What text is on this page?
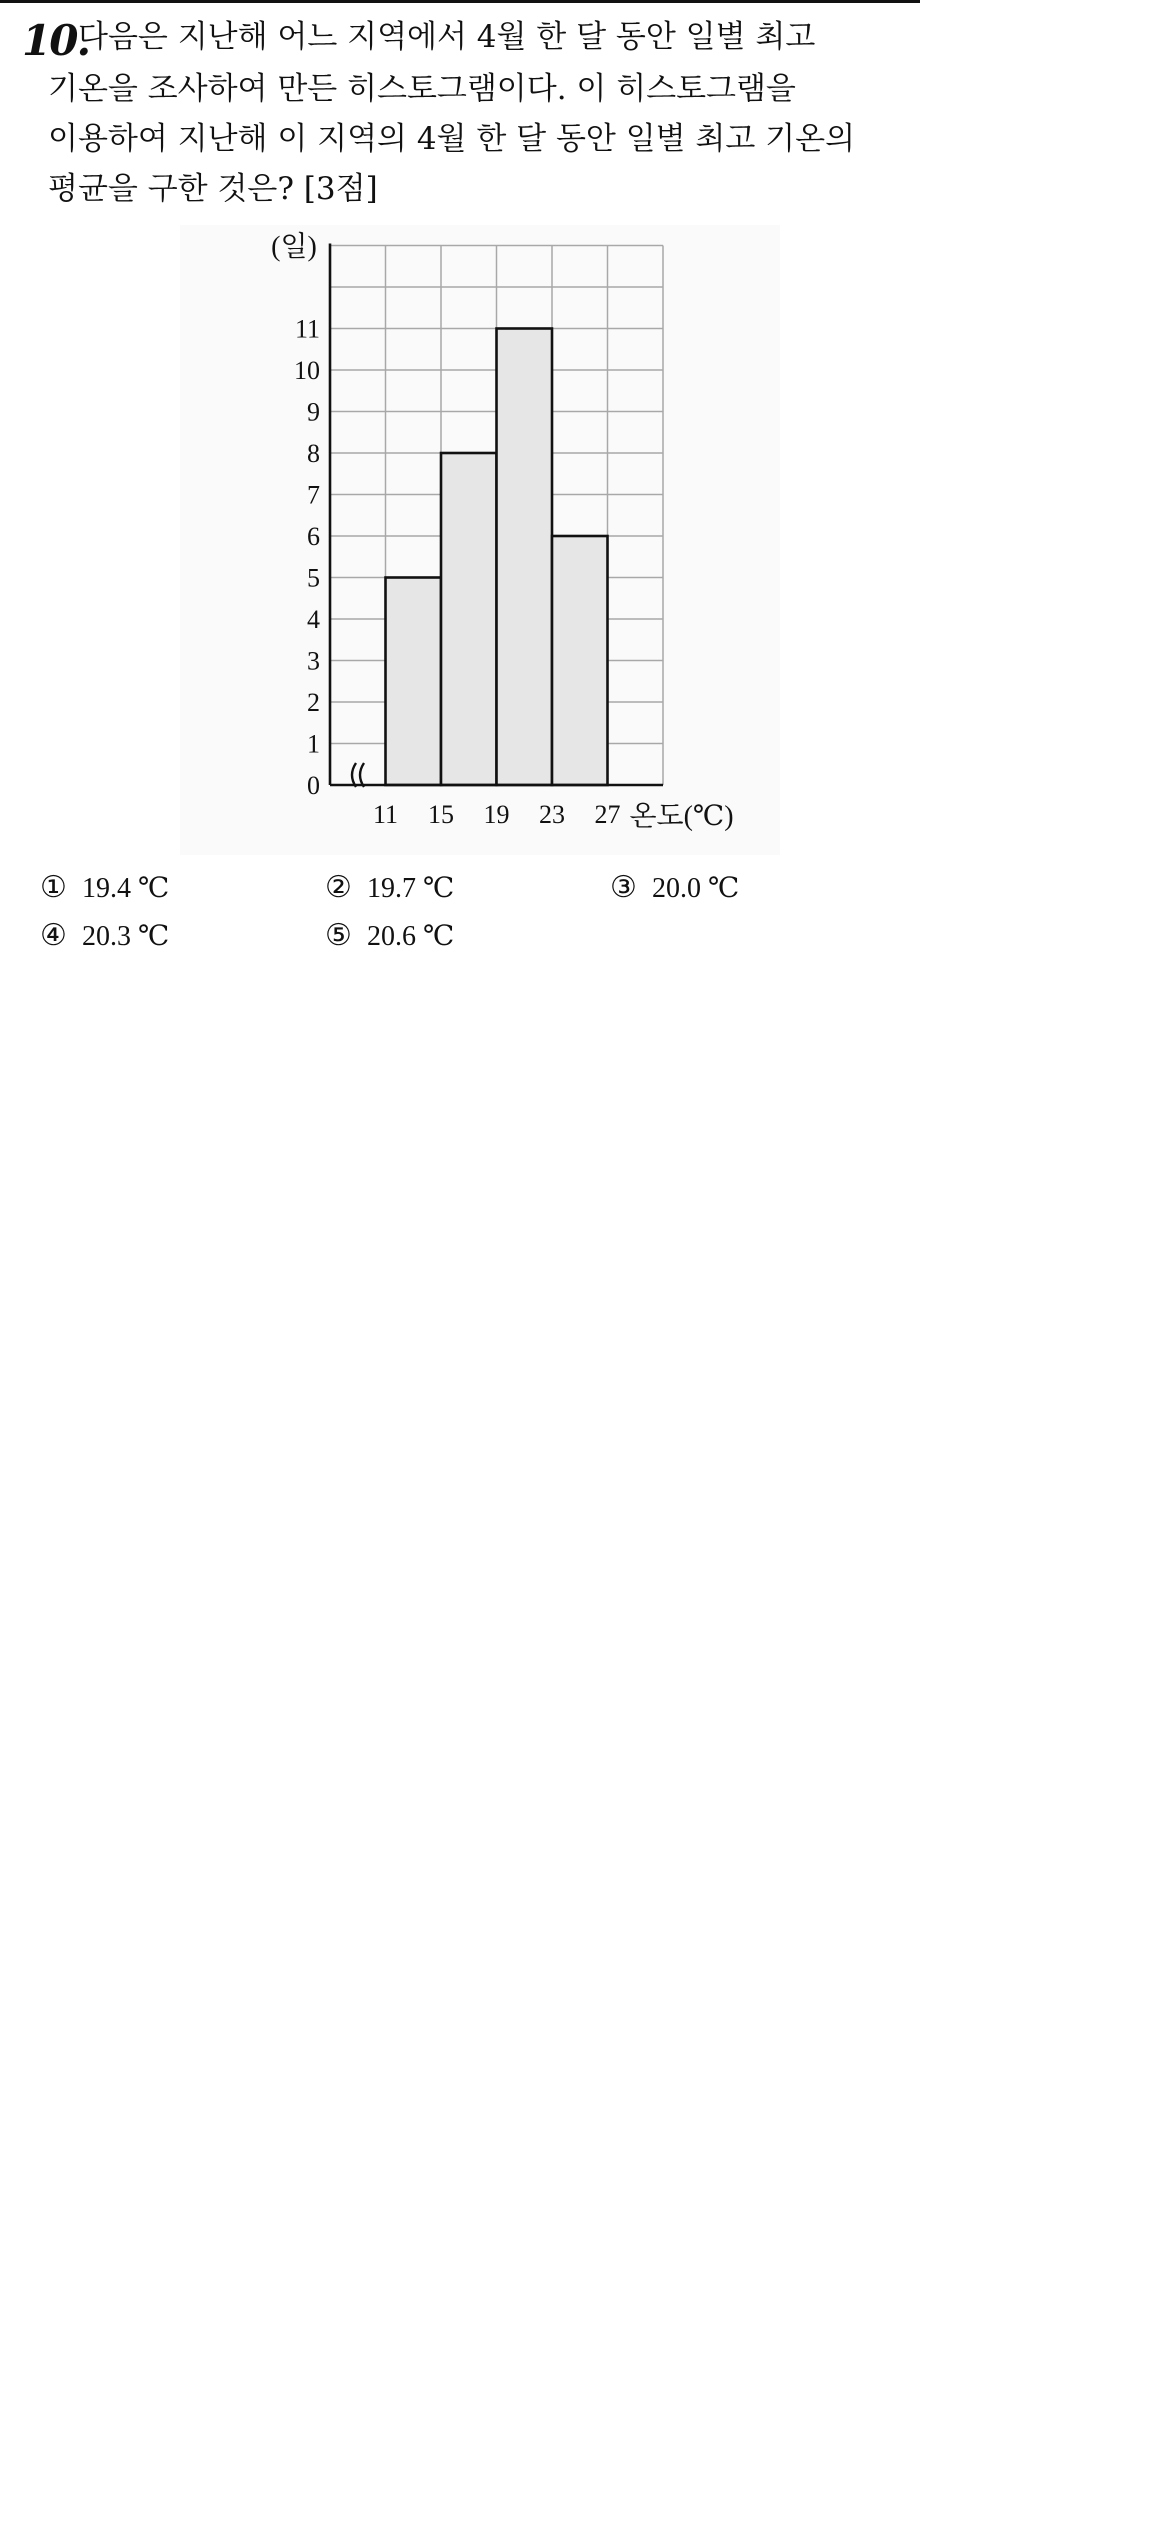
10.
다음은 지난해 어느 지역에서 4월 한 달 동안 일별 최고
기온을 조사하여 만든 히스토그램이다. 이 히스토그램을
이용하여 지난해 이 지역의 4월 한 달 동안 일별 최고 기온의
평균을 구한 것은? [3점]
0
1
2
3
4
5
6
7
8
9
10
11
(일)
11 15 19 23 27 온도(℃)
① 19.4 ℃	② 19.7 ℃	③ 20.0 ℃
④ 20.3 ℃	⑤ 20.6 ℃
